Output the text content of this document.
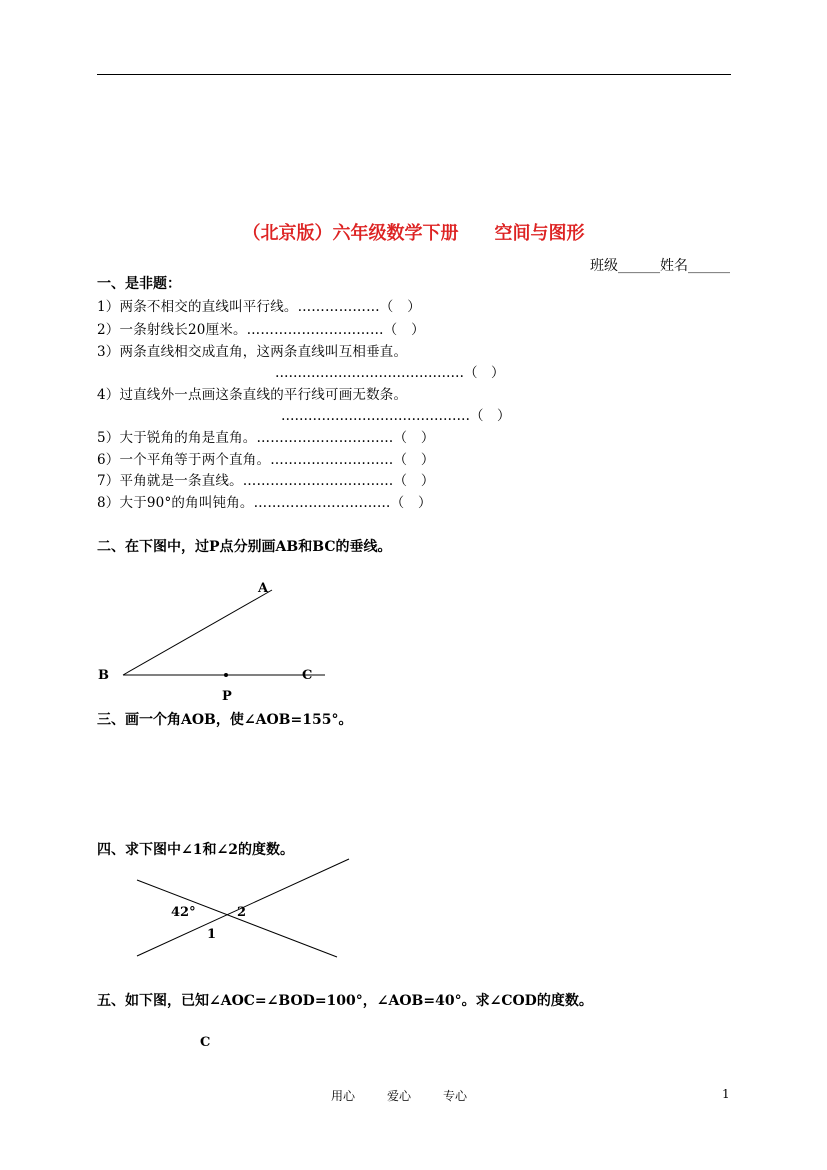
（北京版）六年级数学下册 空间与图形
班级______姓名______
一、是非题：
1）两条不相交的直线叫平行线。………………（　）
2）一条射线长20厘米。…………………………（　）
3）两条直线相交成直角，这两条直线叫互相垂直。
……………………………………（　）
4）过直线外一点画这条直线的平行线可画无数条。
……………………………………（　）
5）大于锐角的角是直角。…………………………（　）
6）一个平角等于两个直角。………………………（　）
7）平角就是一条直线。……………………………（　）
8）大于90°的角叫钝角。…………………………（　）
二、在下图中，过P点分别画AB和BC的垂线。
A
B	C
P
三、画一个角AOB，使∠AOB=155°。
四、求下图中∠1和∠2的度数。
42°	2
1
五、如下图，已知∠AOC=∠BOD=100°，∠AOB=40°。求∠COD的度数。
C
用心	爱心	专心	1
